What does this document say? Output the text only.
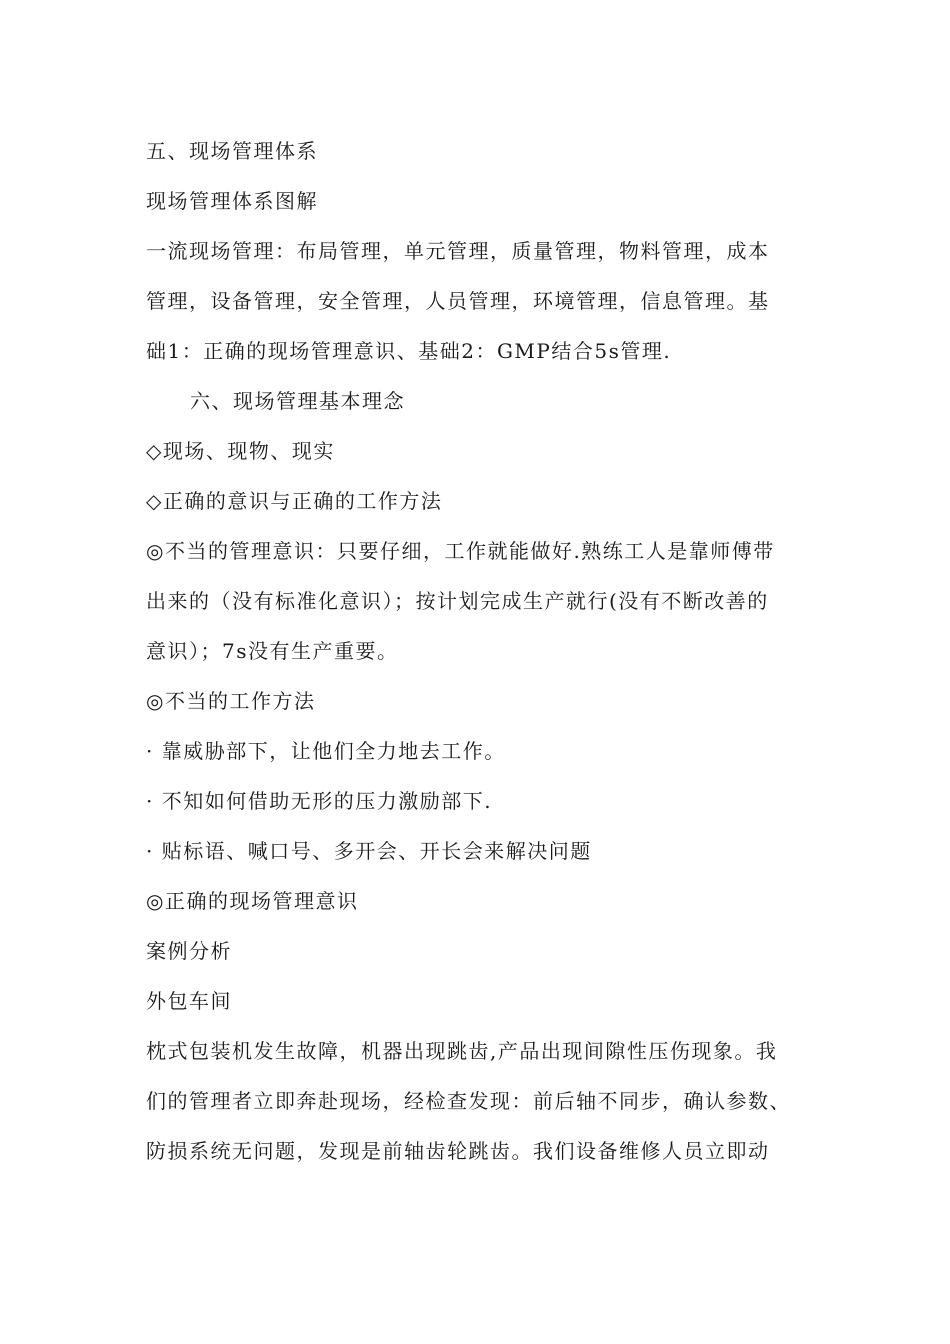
五、现场管理体系
现场管理体系图解
一流现场管理：布局管理，单元管理，质量管理，物料管理，成本
管理，设备管理，安全管理，人员管理，环境管理，信息管理。基
础1：正确的现场管理意识、基础2：GMP结合5s管理.
六、现场管理基本理念
◇现场、现物、现实
◇正确的意识与正确的工作方法
◎不当的管理意识：只要仔细，工作就能做好.熟练工人是靠师傅带
出来的（没有标准化意识）；按计划完成生产就行(没有不断改善的
意识）；7s没有生产重要。
◎不当的工作方法
· 靠威胁部下，让他们全力地去工作。
· 不知如何借助无形的压力激励部下.
· 贴标语、喊口号、多开会、开长会来解决问题
◎正确的现场管理意识
案例分析
外包车间
枕式包装机发生故障，机器出现跳齿,产品出现间隙性压伤现象。我
们的管理者立即奔赴现场，经检查发现：前后轴不同步，确认参数、
防损系统无问题，发现是前轴齿轮跳齿。我们设备维修人员立即动
